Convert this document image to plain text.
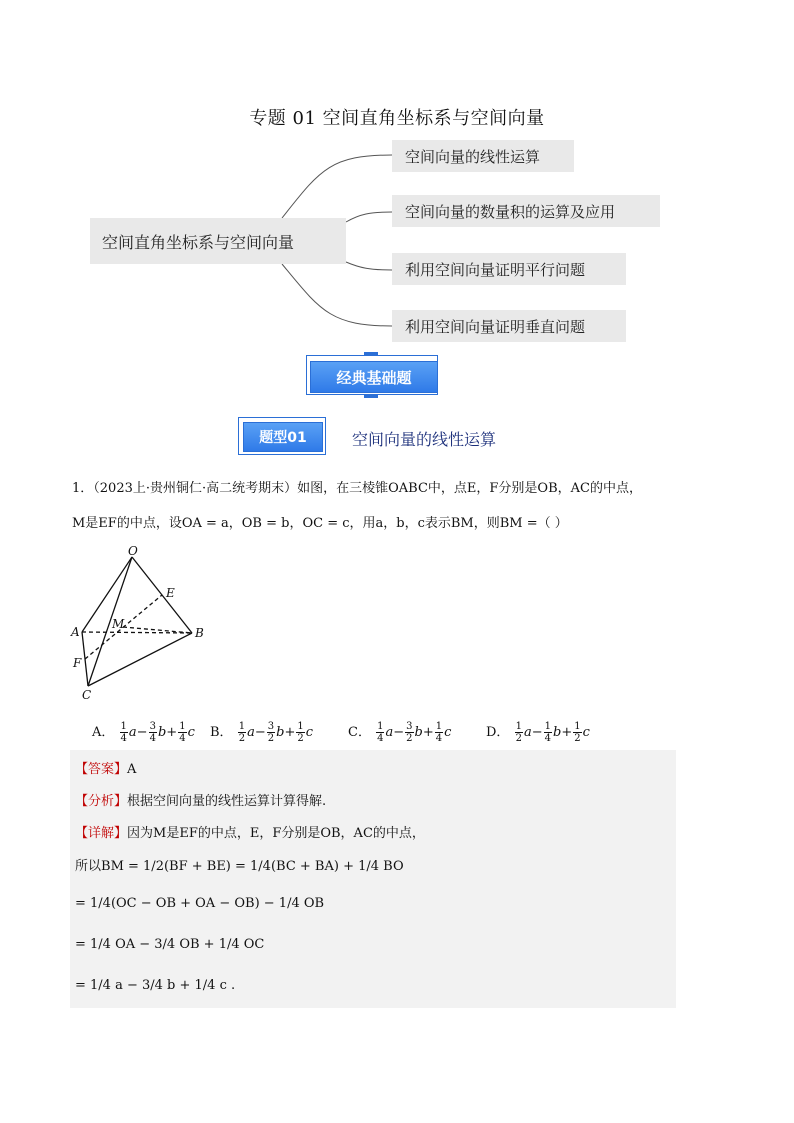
专题 01 空间直角坐标系与空间向量
空间直角坐标系与空间向量
空间向量的线性运算
空间向量的数量积的运算及应用
利用空间向量证明平行问题
利用空间向量证明垂直问题
经典基础题
题型01	空间向量的线性运算
1．（2023上·贵州铜仁·高二统考期末）如图，在三棱锥OABC中，点E，F分别是OB，AC的中点，
M是EF的中点，设OA = a，OB = b，OC = c，用a，b，c表示BM，则BM =（ ）
O
E
A
M
B
F
C
A． $\frac{1}{4} a- \frac{3}{4} b+ \frac{1}{4}$ c B． $\frac{1}{2} a- \frac{3}{2} b+ \frac{1}{2}$ c	C． $\frac{1}{4} a- \frac{3}{2} b+ \frac{1}{4}$ c	D． $\frac{1}{2} a- \frac{1}{4} b+ \frac{1}{2}$ c
【答案】A
【分析】根据空间向量的线性运算计算得解.
【详解】因为M是EF的中点，E，F分别是OB，AC的中点，
所以BM = 1/2(BF + BE) = 1/4(BC + BA) + 1/4 BO
= 1/4(OC − OB + OA − OB) − 1/4 OB
= 1/4 OA − 3/4 OB + 1/4 OC
= 1/4 a − 3/4 b + 1/4 c .
